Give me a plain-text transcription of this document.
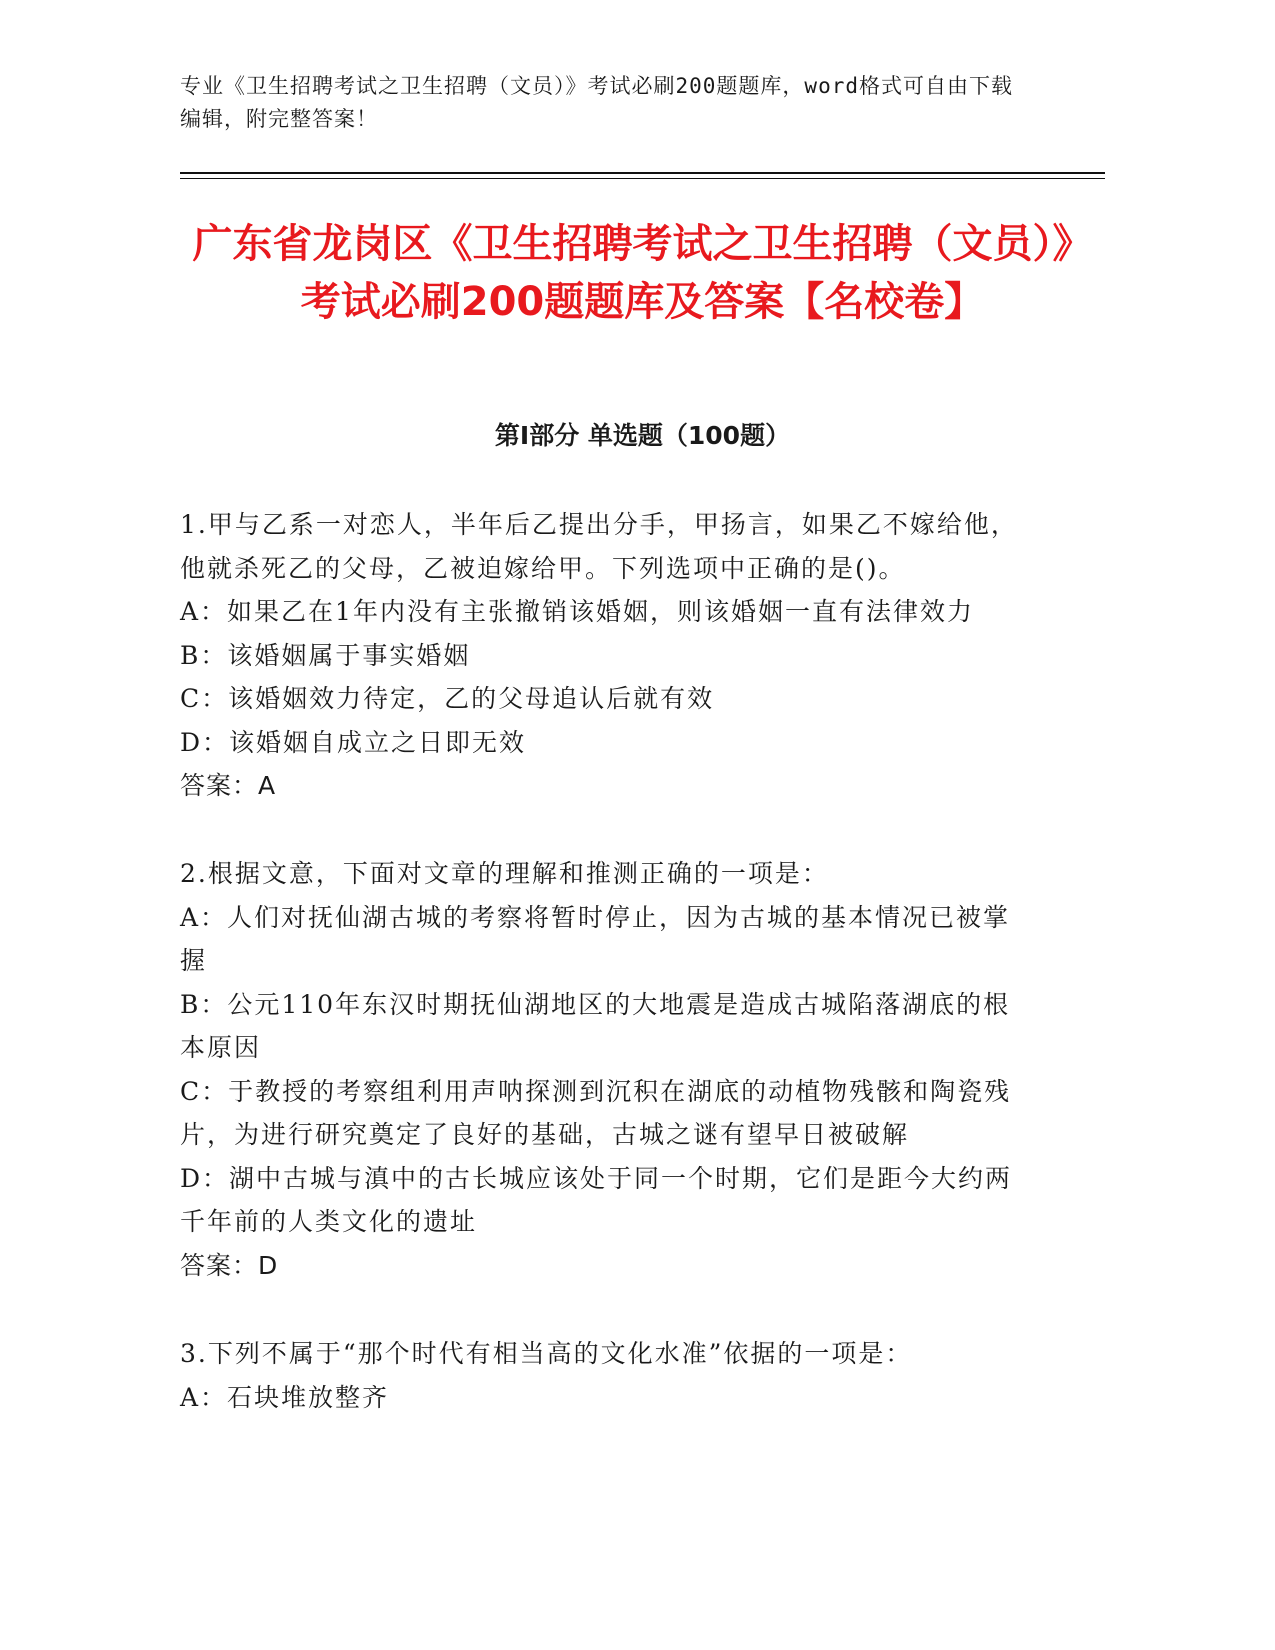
专业《卫生招聘考试之卫生招聘（文员）》考试必刷200题题库，word格式可自由下载编辑，附完整答案！
广东省龙岗区《卫生招聘考试之卫生招聘（文员）》考试必刷200题题库及答案【名校卷】
第Ⅰ部分 单选题（100题）

1.甲与乙系一对恋人，半年后乙提出分手，甲扬言，如果乙不嫁给他，他就杀死乙的父母，乙被迫嫁给甲。下列选项中正确的是()。

A：如果乙在1年内没有主张撤销该婚姻，则该婚姻一直有法律效力

B：该婚姻属于事实婚姻

C：该婚姻效力待定，乙的父母追认后就有效

D：该婚姻自成立之日即无效

答案：A

2.根据文意，下面对文章的理解和推测正确的一项是：

A：人们对抚仙湖古城的考察将暂时停止，因为古城的基本情况已被掌握

B：公元110年东汉时期抚仙湖地区的大地震是造成古城陷落湖底的根本原因

C：于教授的考察组利用声呐探测到沉积在湖底的动植物残骸和陶瓷残片，为进行研究奠定了良好的基础，古城之谜有望早日被破解

D：湖中古城与滇中的古长城应该处于同一个时期，它们是距今大约两千年前的人类文化的遗址

答案：D

3.下列不属于“那个时代有相当高的文化水准”依据的一项是：

A：石块堆放整齐
